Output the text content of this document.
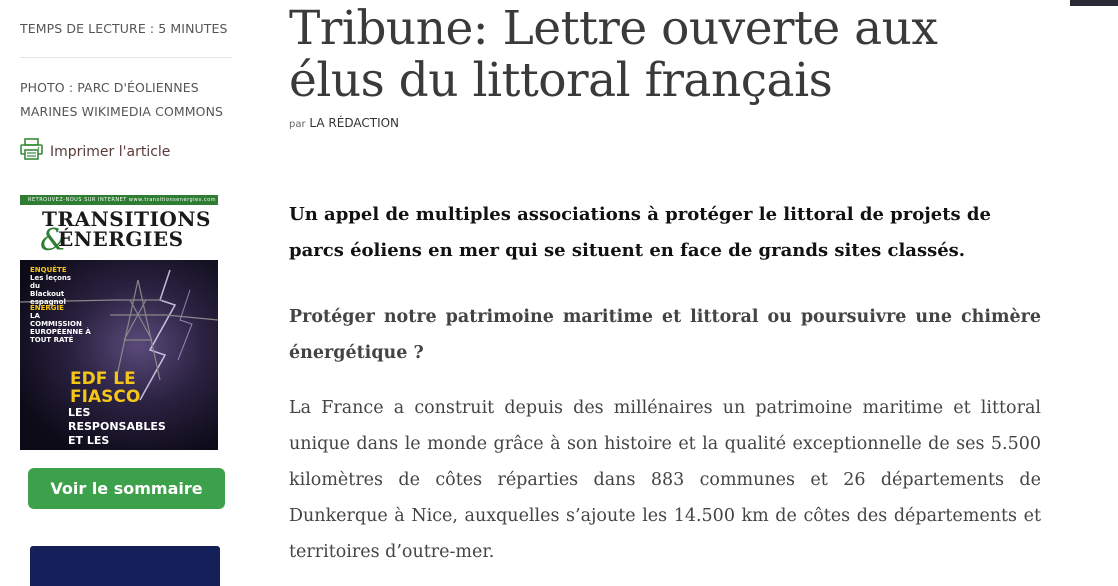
TEMPS DE LECTURE : 5 MINUTES
PHOTO : PARC D'ÉOLIENNES MARINES WIKIMEDIA COMMONS
Imprimer l'article
RETROUVEZ-NOUS SUR INTERNET www.transitionsenergies.com
TRANSITIONS
&
ÉNERGIES
ENQUÊTE
Les leçons du Blackout espagnol
ÉNERGIE
LA COMMISSION EUROPÉENNE À TOUT RATÉ
EDF LE FIASCO
LES RESPONSABLES ET LES COUPABLES
Voir le sommaire
Tribune: Lettre ouverte aux élus du littoral français
par LA RÉDACTION

Un appel de multiples associations à protéger le littoral de projets de parcs éoliens en mer qui se situent en face de grands sites classés.

Protéger notre patrimoine maritime et littoral ou poursuivre une chimère énergétique ?

La France a construit depuis des millénaires un patrimoine maritime et littoral unique dans le monde grâce à son histoire et la qualité exceptionnelle de ses 5.500 kilomètres de côtes réparties dans 883 communes et 26 départements de Dunkerque à Nice, auxquelles s’ajoute les 14.500 km de côtes des départements et territoires d’outre-mer.
